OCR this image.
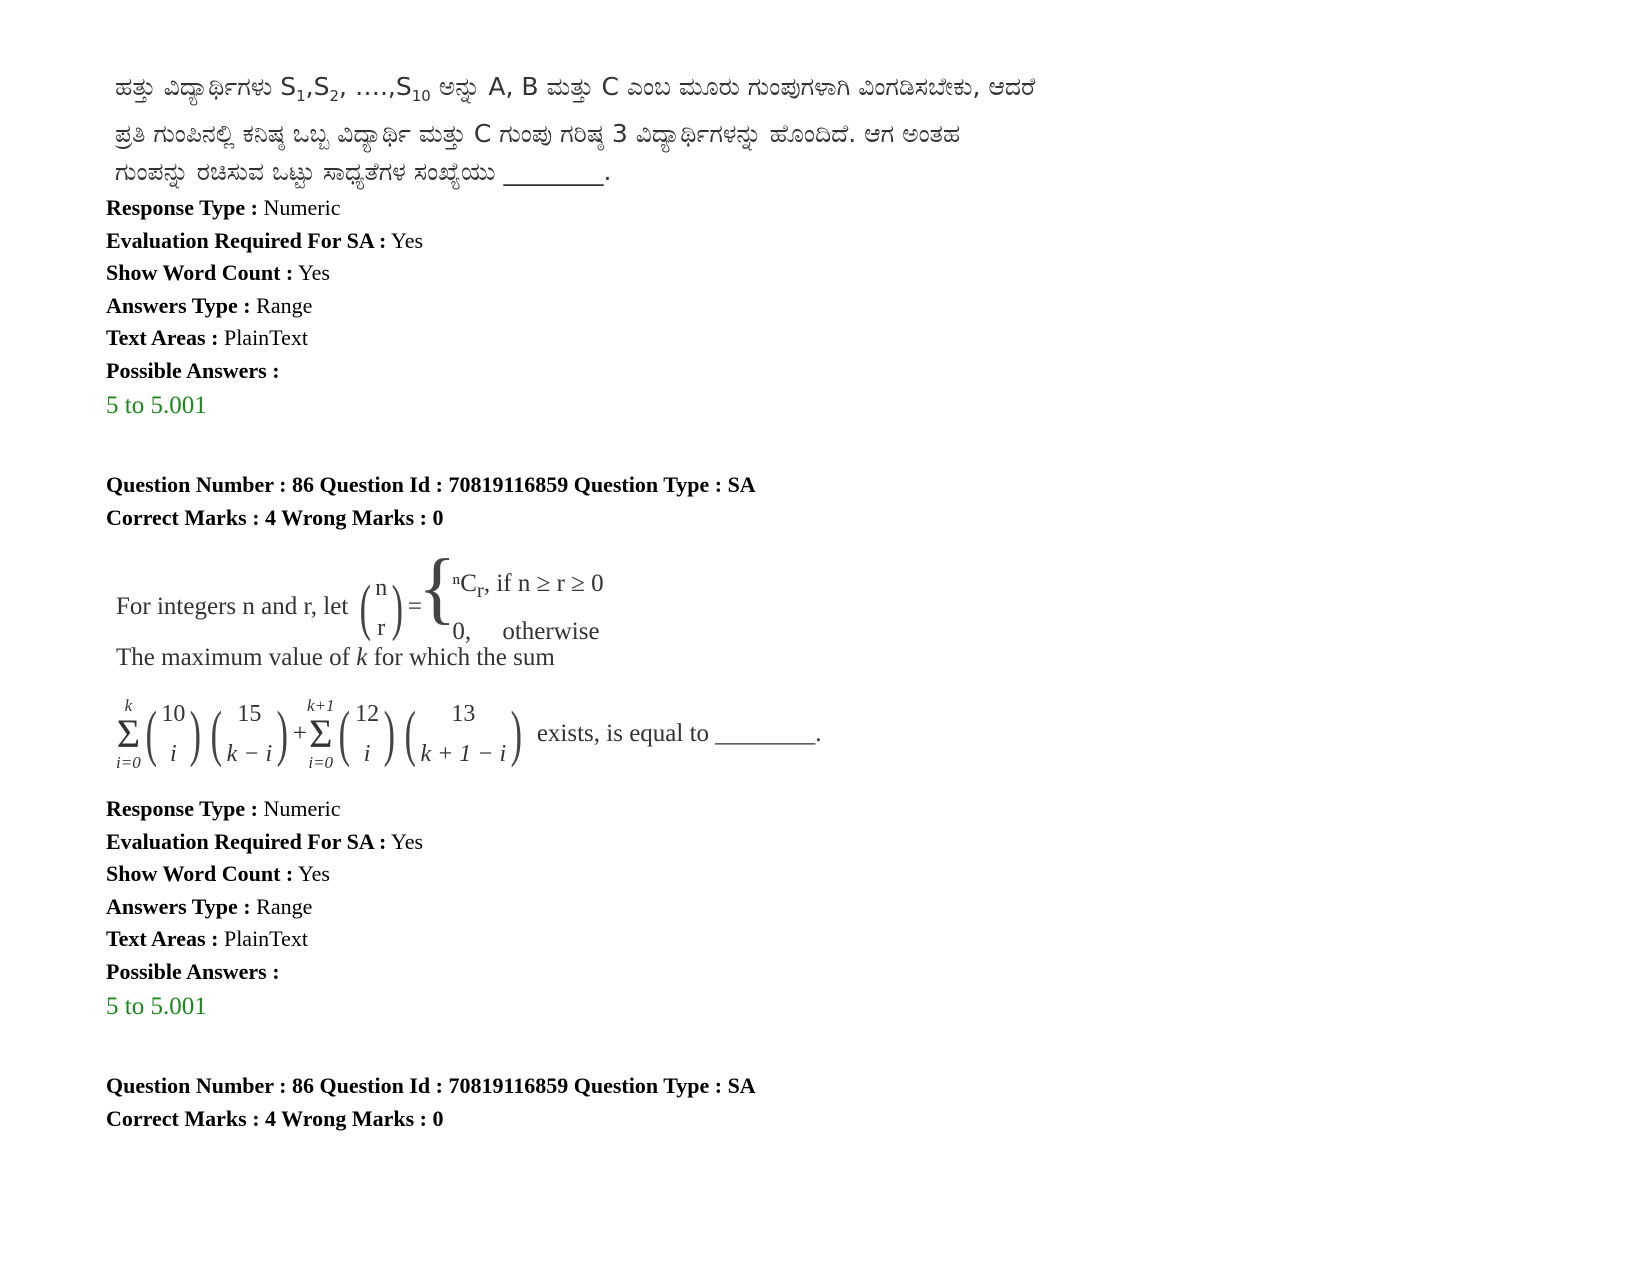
ಹತ್ತು ವಿದ್ಯಾರ್ಥಿಗಳು $S_1,S_2$, $\dots.,S_{10}$ ಅನ್ನು A, B ಮತ್ತು C ಎಂಬ ಮೂರು ಗುಂಪುಗಳಾಗಿ ವಿಂಗಡಿಸಬೇಕು, ಆದರೆ
ಪ್ರತಿ ಗುಂಪಿನಲ್ಲಿ ಕನಿಷ್ಠ ಒಬ್ಬ ವಿದ್ಯಾರ್ಥಿ ಮತ್ತು C ಗುಂಪು ಗರಿಷ್ಠ 3 ವಿದ್ಯಾರ್ಥಿಗಳನ್ನು ಹೊಂದಿದೆ. ಆಗ ಅಂತಹ
ಗುಂಪನ್ನು ರಚಿಸುವ ಒಟ್ಟು ಸಾಧ್ಯತೆಗಳ ಸಂಖ್ಯೆಯು ________.
Response Type : Numeric
Evaluation Required For SA : Yes
Show Word Count : Yes
Answers Type : Range
Text Areas : PlainText
Possible Answers :
5 to 5.001
Question Number : 86 Question Id : 70819116859 Question Type : SA
Correct Marks : 4 Wrong Marks : 0
For integers n and r, let ( n
r ) ={
ⁿC$_r$, if n ≥ r ≥ 0
0, otherwise
The maximum value of k for which the sum
k
Σ
i=0 ( 10
i ) ( 15
k − i ) +
k+1
Σ
i=0 ( 12
i ) ( 13
k + 1 − i ) exists, is equal to ________.
Response Type : Numeric
Evaluation Required For SA : Yes
Show Word Count : Yes
Answers Type : Range
Text Areas : PlainText
Possible Answers :
5 to 5.001
Question Number : 86 Question Id : 70819116859 Question Type : SA
Correct Marks : 4 Wrong Marks : 0
